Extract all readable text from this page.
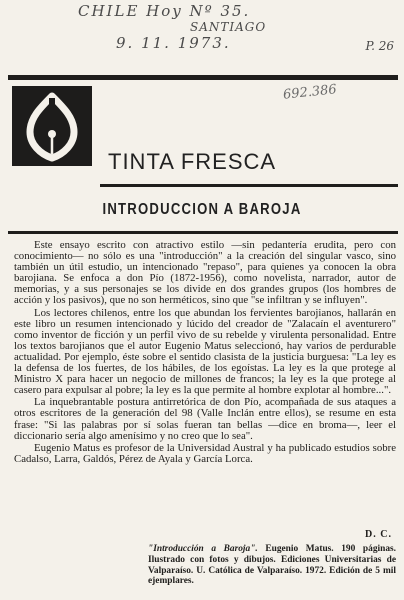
CHILE Hoy Nº 35.
SANTIAGO
9. 11. 1973.	P. 26
692.386
TINTA FRESCA
INTRODUCCION A BAROJA

Este ensayo escrito con atractivo estilo —sin pedantería erudita, pero con conocimiento— no sólo es una "introducción" a la creación del singular vasco, sino también un útil estudio, un intencionado "repaso", para quienes ya conocen la obra barojiana. Se enfoca a don Pío (1872-1956), como novelista, narrador, autor de memorias, y a sus personajes se los divide en dos grandes grupos (los hombres de acción y los pasivos), que no son herméticos, sino que "se infiltran y se influyen".

Los lectores chilenos, entre los que abundan los fervientes barojianos, hallarán en este libro un resumen intencionado y lúcido del creador de "Zalacaín el aventurero" como inventor de ficción y un perfil vivo de su rebelde y virulenta personalidad. Entre los textos barojianos que el autor Eugenio Matus seleccionó, hay varios de perdurable actualidad. Por ejemplo, éste sobre el sentido clasista de la justicia burguesa: "La ley es la defensa de los fuertes, de los hábiles, de los egoístas. La ley es la que protege al Ministro X para hacer un negocio de millones de francos; la ley es la que protege al casero para expulsar al pobre; la ley es la que permite al hombre explotar al hombre...".

La inquebrantable postura antirretórica de don Pío, acompañada de sus ataques a otros escritores de la generación del 98 (Valle Inclán entre ellos), se resume en esta frase: "Si las palabras por sí solas fueran tan bellas —dice en broma—, leer el diccionario sería algo amenísimo y no creo que lo sea".

Eugenio Matus es profesor de la Universidad Austral y ha publicado estudios sobre Cadalso, Larra, Galdós, Pérez de Ayala y García Lorca.

D. C.
"Introducción a Baroja". Eugenio Matus. 190 páginas. Ilustrado con fotos y dibujos. Ediciones Universitarias de Valparaíso. U. Católica de Valparaíso. 1972. Edición de 5 mil ejemplares.
